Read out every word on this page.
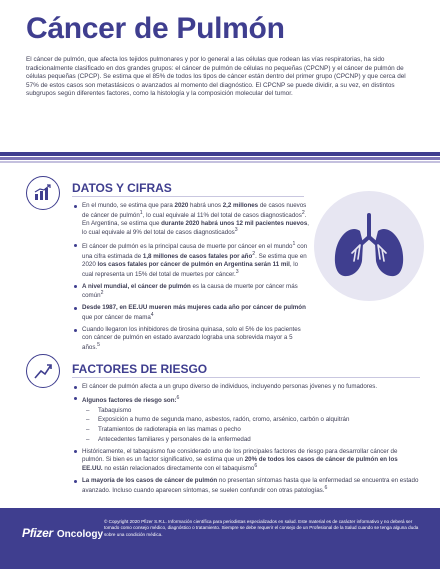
Cáncer de Pulmón

El cáncer de pulmón, que afecta los tejidos pulmonares y por lo general a las células que rodean las vías respiratorias, ha sido tradicionalmente clasificado en dos grandes grupos: el cáncer de pulmón de células no pequeñas (CPCNP) y el cáncer de pulmón de células pequeñas (CPCP). Se estima que el 85% de todos los tipos de cáncer están dentro del primer grupo (CPCNP) y que cerca del 57% de estos casos son metastásicos o avanzados al momento del diagnóstico. El CPCNP se puede dividir, a su vez, en distintos subgrupos según diferentes factores, como la histología y la composición molecular del tumor.

DATOS Y CIFRAS
En el mundo, se estima que para 2020 habrá unos 2,2 millones de casos nuevos de cáncer de pulmón$^1$, lo cual equivale al 11% del total de casos diagnosticados$^2$. En Argentina, se estima que durante 2020 habrá unos 12 mil pacientes nuevos, lo cual equivale al 9% del total de casos diagnosticados$^3$
El cáncer de pulmón es la principal causa de muerte por cáncer en el mundo$^1$ con una cifra estimada de 1,8 millones de casos fatales por año$^2$. Se estima que en 2020 los casos fatales por cáncer de pulmón en Argentina serán 11 mil, lo cual representa un 15% del total de muertes por cáncer.$^3$
A nivel mundial, el cáncer de pulmón es la causa de muerte por cáncer más común$^2$
Desde 1987, en EE.UU mueren más mujeres cada año por cáncer de pulmón que por cáncer de mama$^4$
Cuando llegaron los inhibidores de tirosina quinasa, solo el 5% de los pacientes con cáncer de pulmón en estado avanzado lograba una sobrevida mayor a 5 años.$^5$
FACTORES DE RIESGO
El cáncer de pulmón afecta a un grupo diverso de individuos, incluyendo personas jóvenes y no fumadores.
Algunos factores de riesgo son:$^6$
– Tabaquismo
– Exposición a humo de segunda mano, asbestos, radón, cromo, arsénico, carbón o alquitrán
– Tratamientos de radioterapia en las mamas o pecho
– Antecedentes familiares y personales de la enfermedad
Históricamente, el tabaquismo fue considerado uno de los principales factores de riesgo para desarrollar cáncer de pulmón. Si bien es un factor significativo, se estima que un 20% de todos los casos de cáncer de pulmón en los EE.UU. no están relacionados directamente con el tabaquismo$^6$
La mayoría de los casos de cáncer de pulmón no presentan síntomas hasta que la enfermedad se encuentra en estado avanzado. Incluso cuando aparecen síntomas, se suelen confundir con otras patologías.$^6$
Pfizer Oncology

© Copyright 2020 Pfizer S.R.L. Información científica para periodistas especializados en salud. Este material es de carácter informativo y no deberá ser tomado como consejo médico, diagnóstico o tratamiento. Siempre se debe requerir el consejo de un Profesional de la Salud cuando se tenga alguna duda sobre una condición médica.
